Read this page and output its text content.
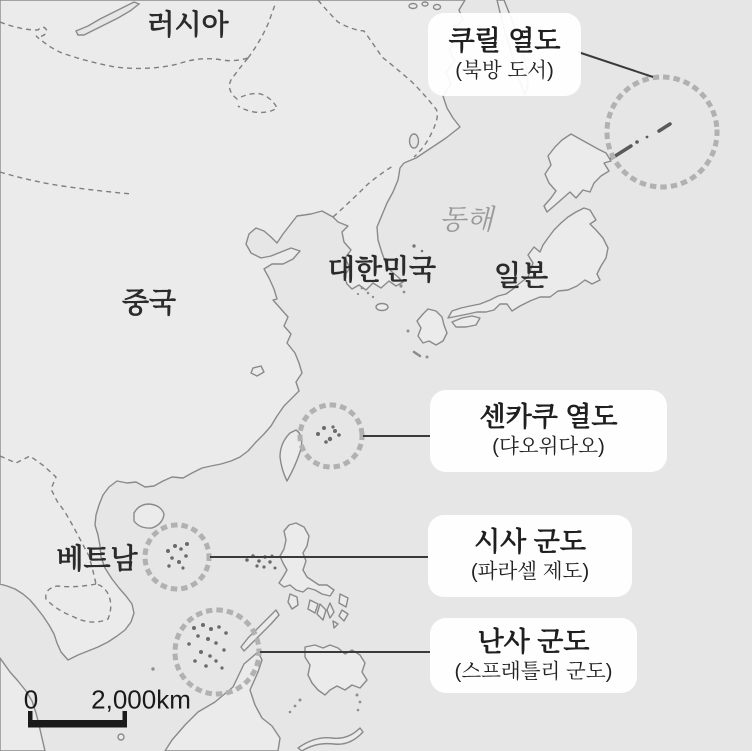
러시아
중국
대한민국 일본
베트남
동해
쿠릴 열도
(북방 도서)
센카쿠 열도
(댜오위다오)
시사 군도
(파라셀 제도)
난사 군도
(스프래틀리 군도)
0 2,000km
